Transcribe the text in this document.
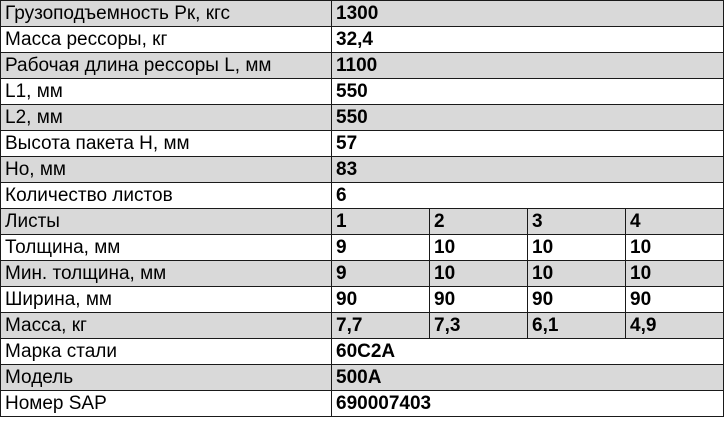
Грузоподъемность Рк, кгс	1300			
Масса рессоры, кг	32,4			
Рабочая длина рессоры L, мм	1100			
L1, мм	550			
L2, мм	550			
Высота пакета H, мм	57			
Ho, мм	83			
Количество листов	6			
Листы	1	2	3	4
Толщина, мм	9	10	10	10
Мин. толщина, мм	9	10	10	10
Ширина, мм	90	90	90	90
Масса, кг	7,7	7,3	6,1	4,9
Марка стали	60С2А			
Модель	500А			
Номер SAP	690007403			
